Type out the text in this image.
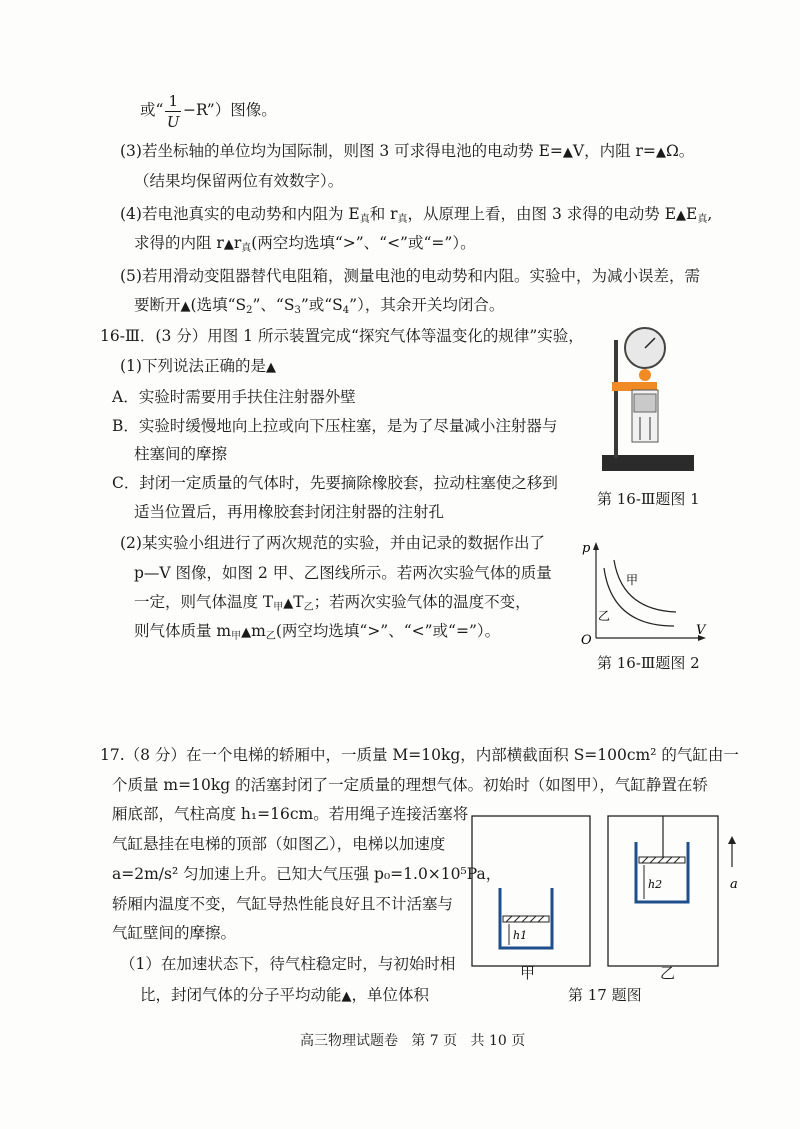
或“ $\frac{1}{U}$ −R”）图像。
(3)若坐标轴的单位均为国际制，则图 3 可求得电池的电动势 E=▲V，内阻 r=▲Ω。
（结果均保留两位有效数字）。
(4)若电池真实的电动势和内阻为 $E_真$和 $r_真$，从原理上看，由图 3 求得的电动势 $E▲E_真$,
求得的内阻 $r▲r_真$(两空均选填“>”、“<”或“=”）。
(5)若用滑动变阻器替代电阻箱，测量电池的电动势和内阻。实验中，为减小误差，需
要断开▲(选填“$S_2$”、“$S_3$”或“$S_4$”），其余开关均闭合。
16-Ⅲ．(3 分）用图 1 所示装置完成“探究气体等温变化的规律”实验，
(1)下列说法正确的是▲
A．实验时需要用手扶住注射器外壁
B．实验时缓慢地向上拉或向下压柱塞，是为了尽量减小注射器与
柱塞间的摩擦
C．封闭一定质量的气体时，先要摘除橡胶套，拉动柱塞使之移到
适当位置后，再用橡胶套封闭注射器的注射孔
(2)某实验小组进行了两次规范的实验，并由记录的数据作出了
p—V 图像，如图 2 甲、乙图线所示。若两次实验气体的质量
一定，则气体温度 $T_甲▲T_乙$；若两次实验气体的温度不变，
则气体质量 $m_甲▲m_乙$(两空均选填“>”、“<”或“=”）。
第 16-Ⅲ题图 1
p
V
O
甲
乙
第 16-Ⅲ题图 2
17.（8 分）在一个电梯的轿厢中，一质量 M=10kg，内部横截面积 S=100cm² 的气缸由一
个质量 m=10kg 的活塞封闭了一定质量的理想气体。初始时（如图甲），气缸静置在轿
厢底部，气柱高度 h₁=16cm。若用绳子连接活塞将
气缸悬挂在电梯的顶部（如图乙），电梯以加速度
a=2m/s² 匀加速上升。已知大气压强 p₀=1.0×10⁵Pa，
轿厢内温度不变，气缸导热性能良好且不计活塞与
气缸壁间的摩擦。
（1）在加速状态下，待气柱稳定时，与初始时相
比，封闭气体的分子平均动能▲，单位体积
h1
h2	a
甲	乙
第 17 题图
高三物理试题卷   第 7 页   共 10 页
